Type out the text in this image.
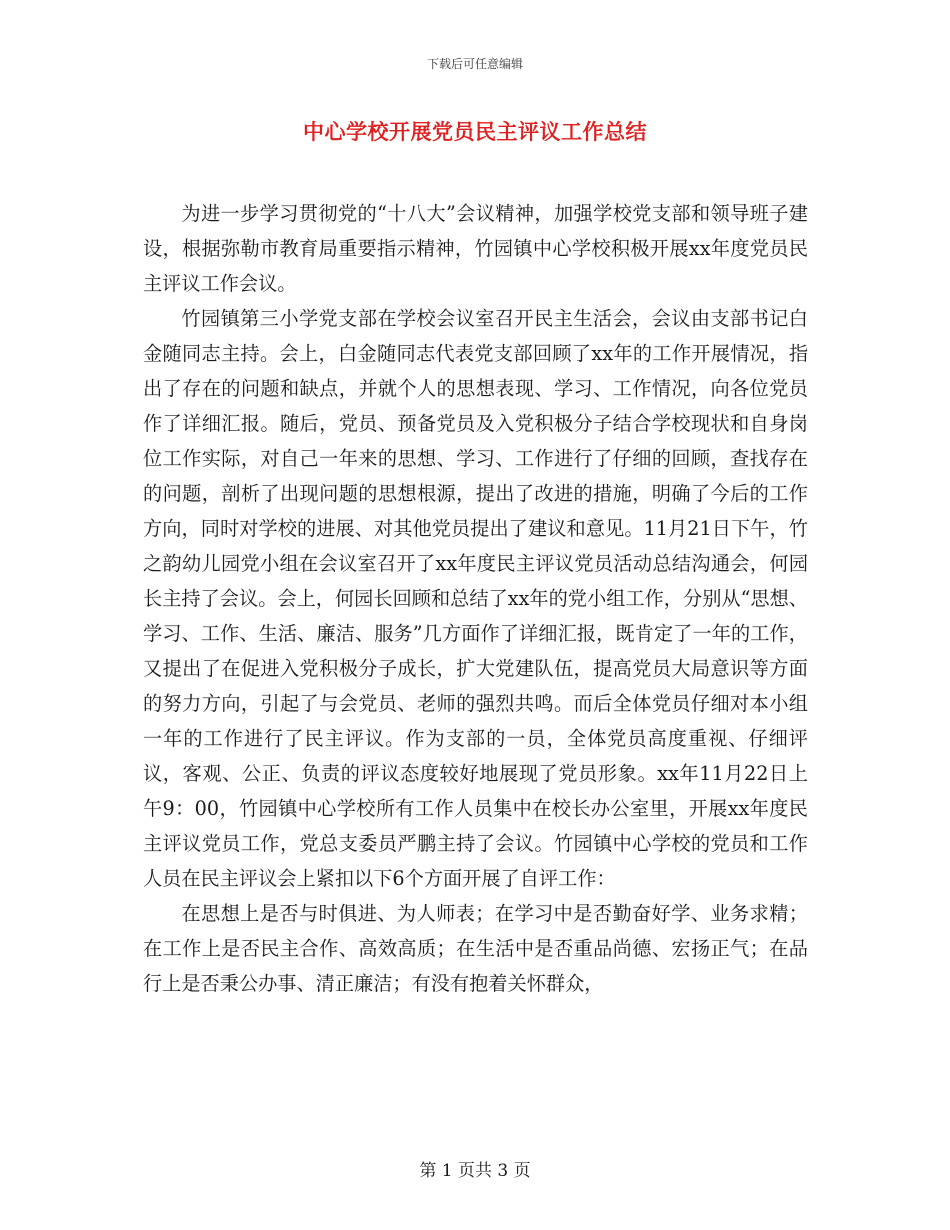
下载后可任意编辑
中心学校开展党员民主评议工作总结

为进一步学习贯彻党的“十八大”会议精神，加强学校党支部和领导班子建设，根据弥勒市教育局重要指示精神，竹园镇中心学校积极开展xx年度党员民主评议工作会议。

竹园镇第三小学党支部在学校会议室召开民主生活会，会议由支部书记白金随同志主持。会上，白金随同志代表党支部回顾了xx年的工作开展情况，指出了存在的问题和缺点，并就个人的思想表现、学习、工作情况，向各位党员作了详细汇报。随后，党员、预备党员及入党积极分子结合学校现状和自身岗位工作实际，对自己一年来的思想、学习、工作进行了仔细的回顾，查找存在的问题，剖析了出现问题的思想根源，提出了改进的措施，明确了今后的工作方向，同时对学校的进展、对其他党员提出了建议和意见。11月21日下午，竹之韵幼儿园党小组在会议室召开了xx年度民主评议党员活动总结沟通会，何园长主持了会议。会上，何园长回顾和总结了xx年的党小组工作，分别从“思想、学习、工作、生活、廉洁、服务”几方面作了详细汇报，既肯定了一年的工作，又提出了在促进入党积极分子成长，扩大党建队伍，提高党员大局意识等方面的努力方向，引起了与会党员、老师的强烈共鸣。而后全体党员仔细对本小组一年的工作进行了民主评议。作为支部的一员，全体党员高度重视、仔细评议，客观、公正、负责的评议态度较好地展现了党员形象。xx年11月22日上午9：00，竹园镇中心学校所有工作人员集中在校长办公室里，开展xx年度民主评议党员工作，党总支委员严鹏主持了会议。竹园镇中心学校的党员和工作人员在民主评议会上紧扣以下6个方面开展了自评工作：

在思想上是否与时俱进、为人师表；在学习中是否勤奋好学、业务求精；在工作上是否民主合作、高效高质；在生活中是否重品尚德、宏扬正气；在品行上是否秉公办事、清正廉洁；有没有抱着关怀群众，

第 1 页共 3 页
